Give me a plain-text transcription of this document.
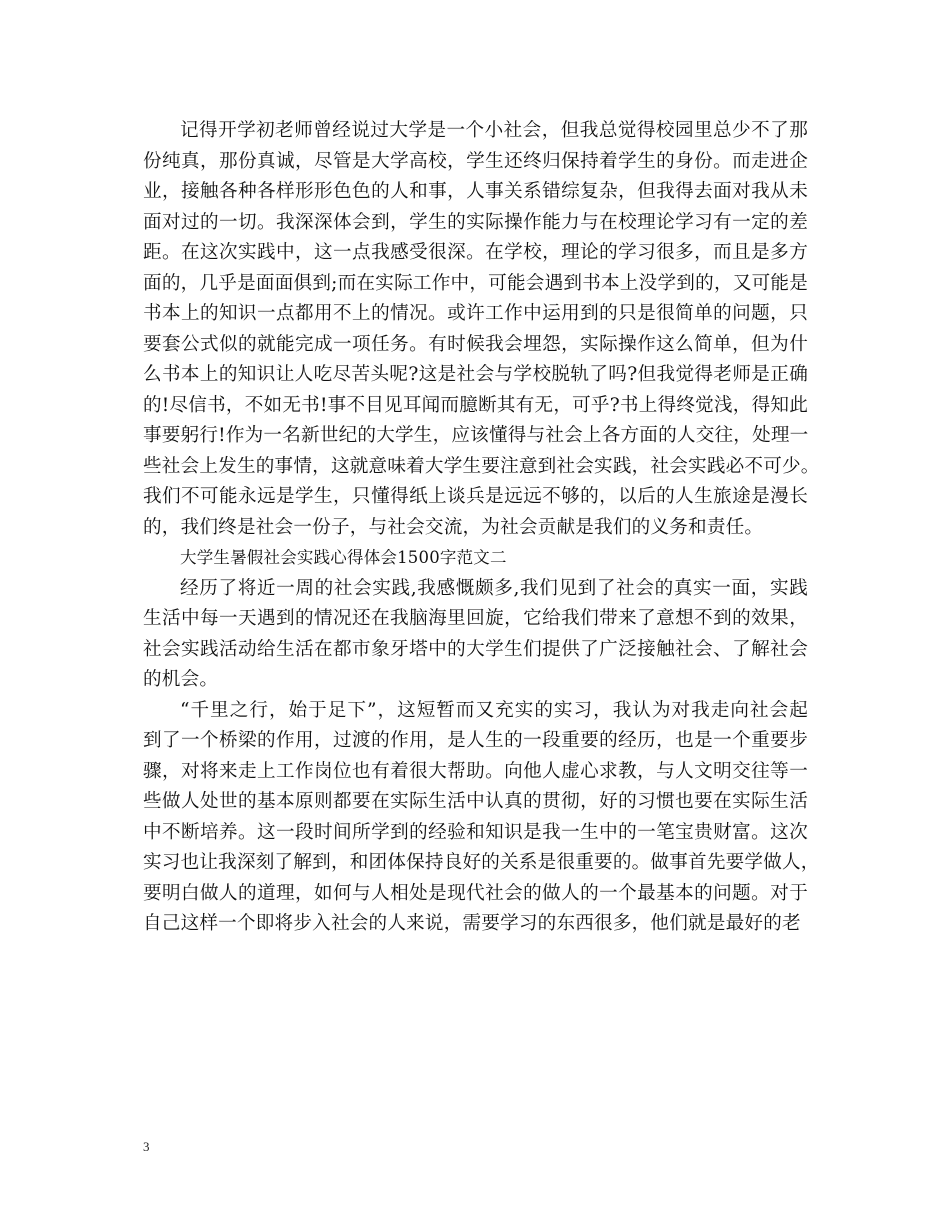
记得开学初老师曾经说过大学是一个小社会，但我总觉得校园里总少不了那
份纯真，那份真诚，尽管是大学高校，学生还终归保持着学生的身份。而走进企
业，接触各种各样形形色色的人和事，人事关系错综复杂，但我得去面对我从未
面对过的一切。我深深体会到，学生的实际操作能力与在校理论学习有一定的差
距。在这次实践中，这一点我感受很深。在学校，理论的学习很多，而且是多方
面的，几乎是面面俱到;而在实际工作中，可能会遇到书本上没学到的，又可能是
书本上的知识一点都用不上的情况。或许工作中运用到的只是很简单的问题，只
要套公式似的就能完成一项任务。有时候我会埋怨，实际操作这么简单，但为什
么书本上的知识让人吃尽苦头呢?这是社会与学校脱轨了吗?但我觉得老师是正确
的!尽信书，不如无书!事不目见耳闻而臆断其有无，可乎?书上得终觉浅，得知此
事要躬行!作为一名新世纪的大学生，应该懂得与社会上各方面的人交往，处理一
些社会上发生的事情，这就意味着大学生要注意到社会实践，社会实践必不可少。
我们不可能永远是学生，只懂得纸上谈兵是远远不够的，以后的人生旅途是漫长
的，我们终是社会一份子，与社会交流，为社会贡献是我们的义务和责任。
大学生暑假社会实践心得体会1500字范文二
经历了将近一周的社会实践,我感慨颇多,我们见到了社会的真实一面，实践
生活中每一天遇到的情况还在我脑海里回旋，它给我们带来了意想不到的效果，
社会实践活动给生活在都市象牙塔中的大学生们提供了广泛接触社会、了解社会
的机会。
“千里之行，始于足下”，这短暂而又充实的实习，我认为对我走向社会起
到了一个桥梁的作用，过渡的作用，是人生的一段重要的经历，也是一个重要步
骤，对将来走上工作岗位也有着很大帮助。向他人虚心求教，与人文明交往等一
些做人处世的基本原则都要在实际生活中认真的贯彻，好的习惯也要在实际生活
中不断培养。这一段时间所学到的经验和知识是我一生中的一笔宝贵财富。这次
实习也让我深刻了解到，和团体保持良好的关系是很重要的。做事首先要学做人，
要明白做人的道理，如何与人相处是现代社会的做人的一个最基本的问题。对于
自己这样一个即将步入社会的人来说，需要学习的东西很多，他们就是最好的老
3
